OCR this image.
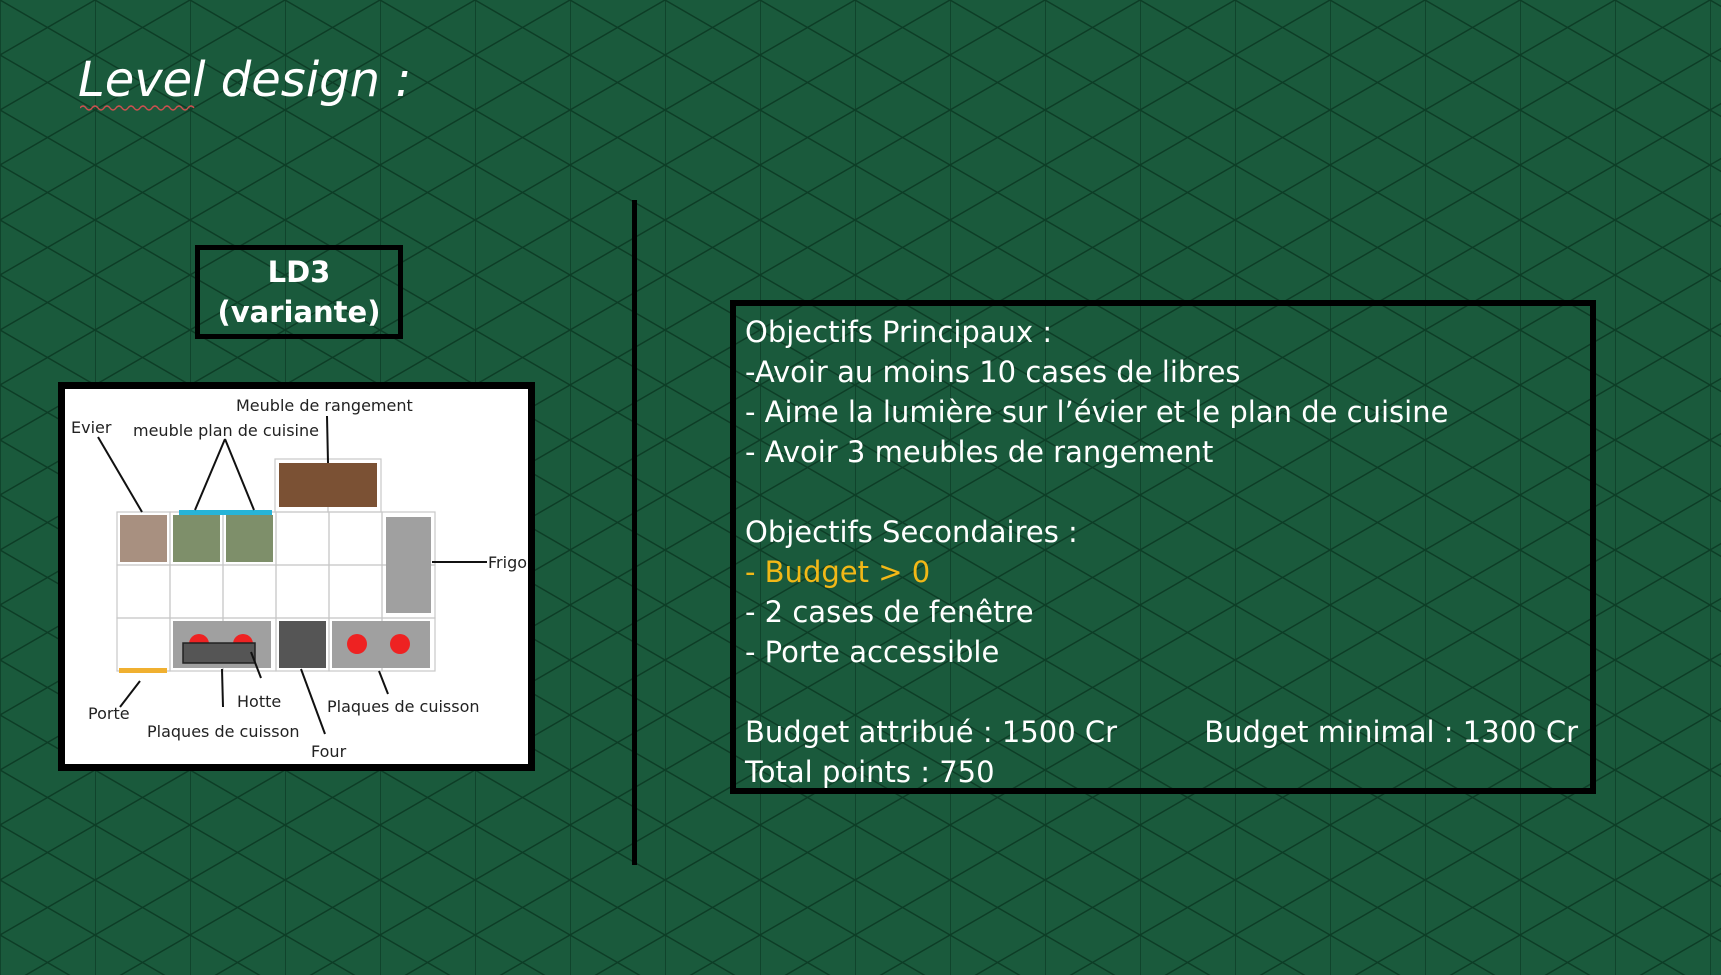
Level design :
LD3
(variante)
Meuble de rangement
Evier meuble plan de cuisine
Frigo
Porte
Hotte	Plaques de cuisson
Plaques de cuisson
Four
Objectifs Principaux :
-Avoir au moins 10 cases de libres
- Aime la lumière sur l’évier et le plan de cuisine
- Avoir 3 meubles de rangement
Objectifs Secondaires :
- Budget > 0
- 2 cases de fenêtre
- Porte accessible
Budget attribué : 1500 Cr	Budget minimal : 1300 Cr
Total points : 750
